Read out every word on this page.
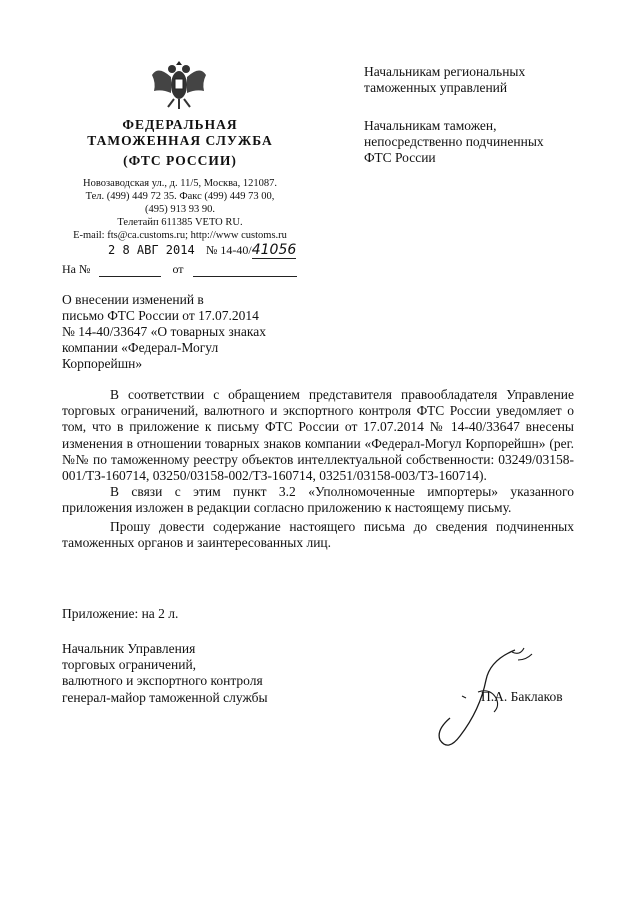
ФЕДЕРАЛЬНАЯ
ТАМОЖЕННАЯ СЛУЖБА
(ФТС РОССИИ)
Новозаводская ул., д. 11/5, Москва, 121087.
Тел. (499) 449 72 35. Факс (499) 449 73 00,
(495) 913 93 90.
Телетайп 611385 VETO RU.
E-mail: fts@ca.customs.ru; http://www customs.ru
2 8 АВГ 2014 № 14-40/41056
На №	от
Начальникам региональных
таможенных управлений
Начальникам таможен,
непосредственно подчиненных
ФТС России
О внесении изменений в
письмо ФТС России от 17.07.2014
№ 14-40/33647 «О товарных знаках
компании «Федерал-Могул
Корпорейшн»

В соответствии с обращением представителя правообладателя Управление торговых ограничений, валютного и экспортного контроля ФТС России уведомляет о том, что в приложение к письму ФТС России от 17.07.2014 № 14-40/33647 внесены изменения в отношении товарных знаков компании «Федерал-Могул Корпорейшн» (рег. №№ по таможенному реестру объектов интеллектуальной собственности: 03249/03158-001/ТЗ-160714, 03250/03158-002/ТЗ-160714, 03251/03158-003/ТЗ-160714).

В связи с этим пункт 3.2 «Уполномоченные импортеры» указанного приложения изложен в редакции согласно приложению к настоящему письму.

Прошу довести содержание настоящего письма до сведения подчиненных таможенных органов и заинтересованных лиц.

Приложение: на 2 л.
Начальник Управления
торговых ограничений,
валютного и экспортного контроля
генерал-майор таможенной службы	П.А. Баклаков
